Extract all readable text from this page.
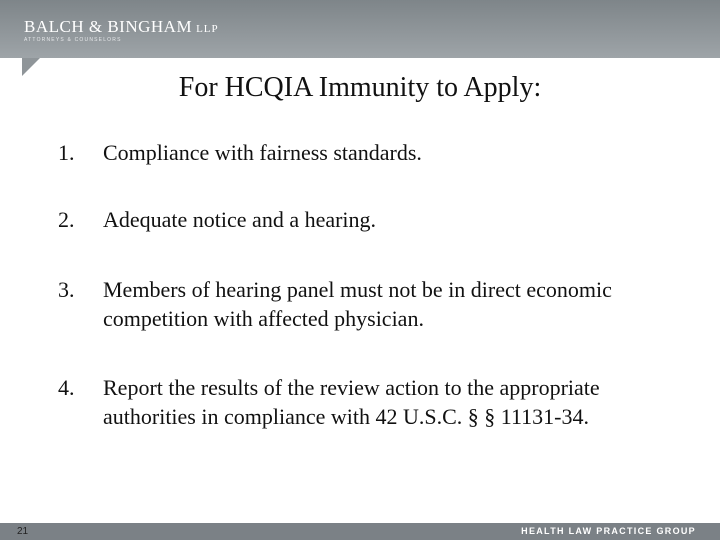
BALCH & BINGHAM LLP
ATTORNEYS & COUNSELORS
For HCQIA Immunity to Apply:
1. Compliance with fairness standards.
2. Adequate notice and a hearing.
3. Members of hearing panel must not be in direct economic competition with affected physician.
4. Report the results of the review action to the appropriate authorities in compliance with 42 U.S.C. § § 11131-34.
21	HEALTH LAW PRACTICE GROUP
